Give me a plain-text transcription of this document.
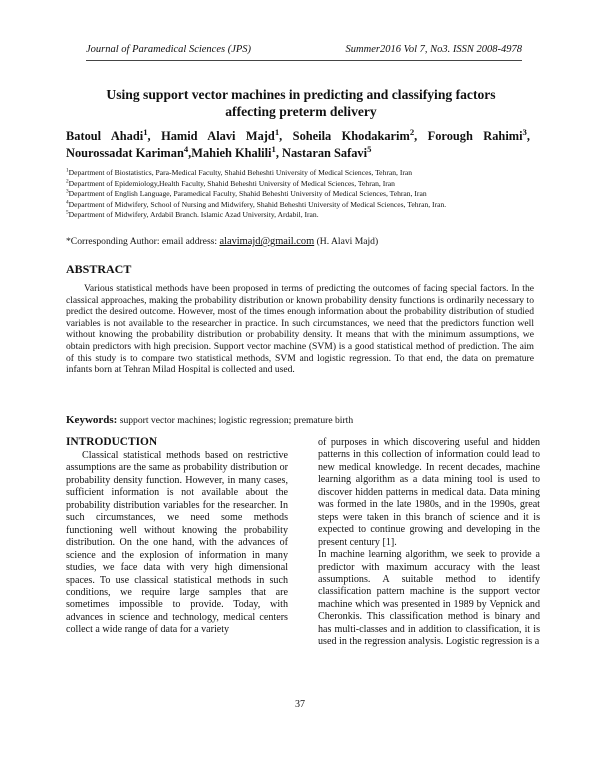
Journal of Paramedical Sciences (JPS)	Summer2016 Vol 7, No3. ISSN 2008-4978
Using support vector machines in predicting and classifying factors affecting preterm delivery
Batoul Ahadi$^1$, Hamid Alavi Majd$^1$, Soheila Khodakarim$^2$, Forough Rahimi$^3$, Nourossadat Kariman$^4$,Mahieh Khalili$^1$, Nastaran Safavi$^5$
$^1$Department of Biostatistics, Para-Medical Faculty, Shahid Beheshti University of Medical Sciences, Tehran, Iran
$^2$Department of Epidemiology,Health Faculty, Shahid Beheshti University of Medical Sciences, Tehran, Iran
$^3$Department of English Language, Paramedical Faculty, Shahid Beheshti University of Medical Sciences, Tehran, Iran
$^4$Department of Midwifery, School of Nursing and Midwifery, Shahid Beheshti University of Medical Sciences, Tehran, Iran.
$^5$Department of Midwifery, Ardabil Branch. Islamic Azad University, Ardabil, Iran.
*Corresponding Author: email address: alavimajd@gmail.com (H. Alavi Majd)
ABSTRACT
Various statistical methods have been proposed in terms of predicting the outcomes of facing special factors. In the classical approaches, making the probability distribution or known probability density functions is ordinarily necessary to predict the desired outcome. However, most of the times enough information about the probability distribution of studied variables is not available to the researcher in practice. In such circumstances, we need that the predictors function well without knowing the probability distribution or probability density. It means that with the minimum assumptions, we obtain predictors with high precision. Support vector machine (SVM) is a good statistical method of prediction. The aim of this study is to compare two statistical methods, SVM and logistic regression. To that end, the data on premature infants born at Tehran Milad Hospital is collected and used.
Keywords: support vector machines; logistic regression; premature birth
INTRODUCTION

Classical statistical methods based on restrictive assumptions are the same as probability distribution or probability density function. However, in many cases, sufficient information is not available about the probability distribution variables for the researcher. In such circumstances, we need some methods functioning well without knowing the probability distribution. On the one hand, with the advances of science and the explosion of information in many studies, we face data with very high dimensional spaces. To use classical statistical methods in such conditions, we require large samples that are sometimes impossible to provide. Today, with advances in science and technology, medical centers collect a wide range of data for a variety

of purposes in which discovering useful and hidden patterns in this collection of information could lead to new medical knowledge. In recent decades, machine learning algorithm as a data mining tool is used to discover hidden patterns in medical data. Data mining was formed in the late 1980s, and in the 1990s, great steps were taken in this branch of science and it is expected to continue growing and developing in the present century [1].

In machine learning algorithm, we seek to provide a predictor with maximum accuracy with the least assumptions. A suitable method to identify classification pattern machine is the support vector machine which was presented in 1989 by Vepnick and Cheronkis. This classification method is binary and has multi-classes and in addition to classification, it is used in the regression analysis. Logistic regression is a

37
